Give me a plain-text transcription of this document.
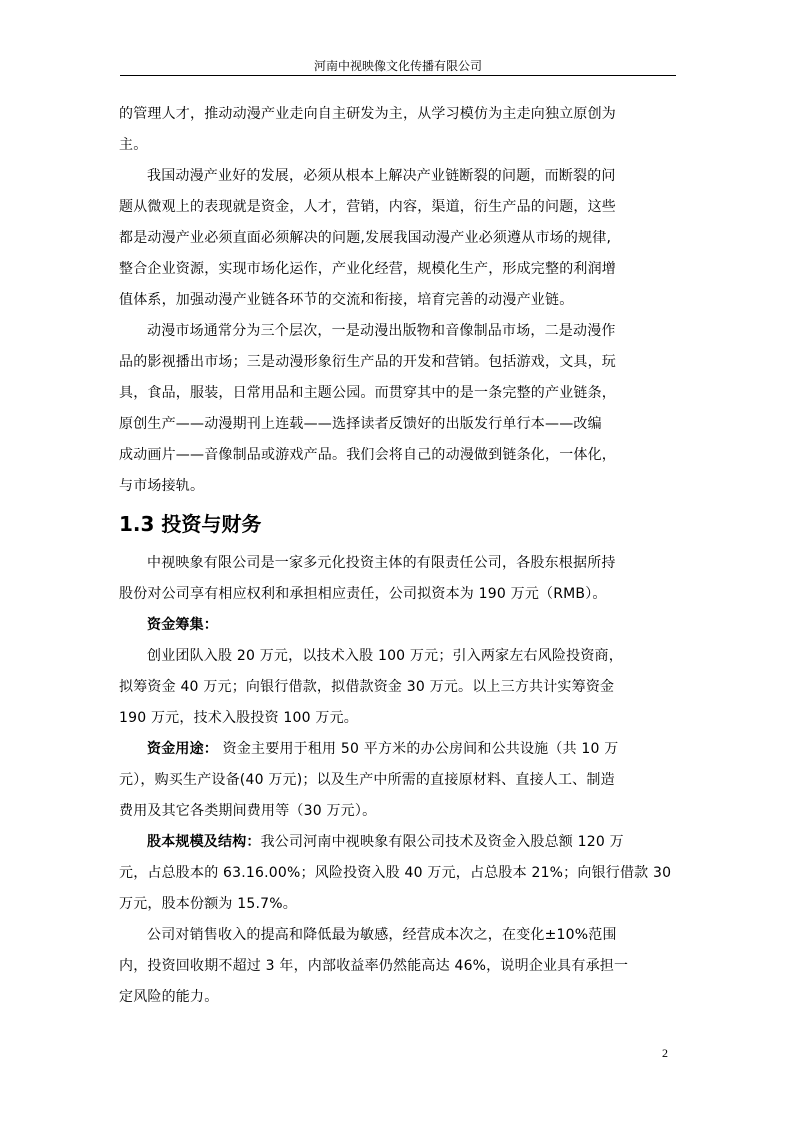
河南中视映像文化传播有限公司
的管理人才，推动动漫产业走向自主研发为主，从学习模仿为主走向独立原创为
主。
我国动漫产业好的发展，必须从根本上解决产业链断裂的问题，而断裂的问
题从微观上的表现就是资金，人才，营销，内容，渠道，衍生产品的问题，这些
都是动漫产业必须直面必须解决的问题,发展我国动漫产业必须遵从市场的规律,
整合企业资源，实现市场化运作，产业化经营，规模化生产，形成完整的利润增
值体系，加强动漫产业链各环节的交流和衔接，培育完善的动漫产业链。
动漫市场通常分为三个层次，一是动漫出版物和音像制品市场，二是动漫作
品的影视播出市场；三是动漫形象衍生产品的开发和营销。包括游戏，文具，玩
具，食品，服装，日常用品和主题公园。而贯穿其中的是一条完整的产业链条，
原创生产——动漫期刊上连载——选择读者反馈好的出版发行单行本——改编
成动画片——音像制品或游戏产品。我们会将自己的动漫做到链条化，一体化，
与市场接轨。
1.3 投资与财务
中视映象有限公司是一家多元化投资主体的有限责任公司，各股东根据所持
股份对公司享有相应权利和承担相应责任，公司拟资本为 190 万元（RMB）。
资金筹集：
创业团队入股 20 万元，以技术入股 100 万元；引入两家左右风险投资商，
拟筹资金 40 万元；向银行借款，拟借款资金 30 万元。以上三方共计实筹资金
190 万元，技术入股投资 100 万元。
资金用途： 资金主要用于租用 50 平方米的办公房间和公共设施（共 10 万
元），购买生产设备(40 万元)；以及生产中所需的直接原材料、直接人工、制造
费用及其它各类期间费用等（30 万元）。
股本规模及结构：我公司河南中视映象有限公司技术及资金入股总额 120 万
元，占总股本的 63.16.00%；风险投资入股 40 万元，占总股本 21%；向银行借款 30
万元，股本份额为 15.7%。
公司对销售收入的提高和降低最为敏感，经营成本次之，在变化±10%范围
内，投资回收期不超过 3 年，内部收益率仍然能高达 46%，说明企业具有承担一
定风险的能力。
2
